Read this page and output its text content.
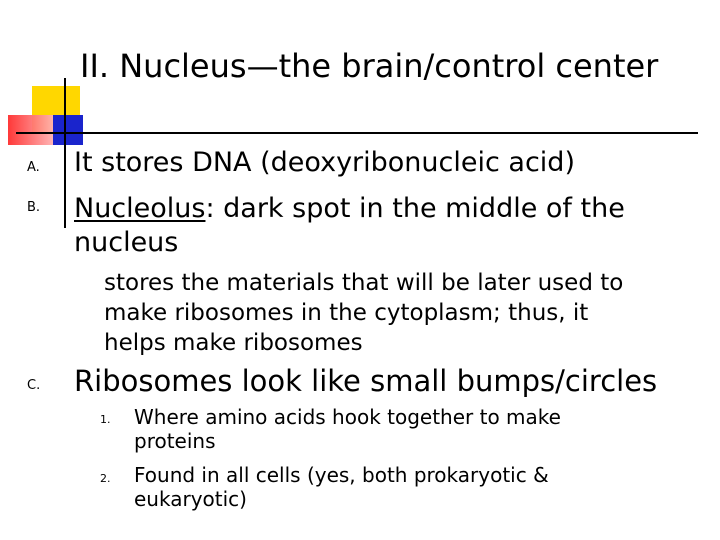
II. Nucleus—the brain/control center
A. It stores DNA (deoxyribonucleic acid)
B. Nucleolus: dark spot in the middle of the
nucleus
stores the materials that will be later used to
make ribosomes in the cytoplasm; thus, it
helps make ribosomes
C. Ribosomes look like small bumps/circles
1. Where amino acids hook together to make
proteins
2. Found in all cells (yes, both prokaryotic &
eukaryotic)
